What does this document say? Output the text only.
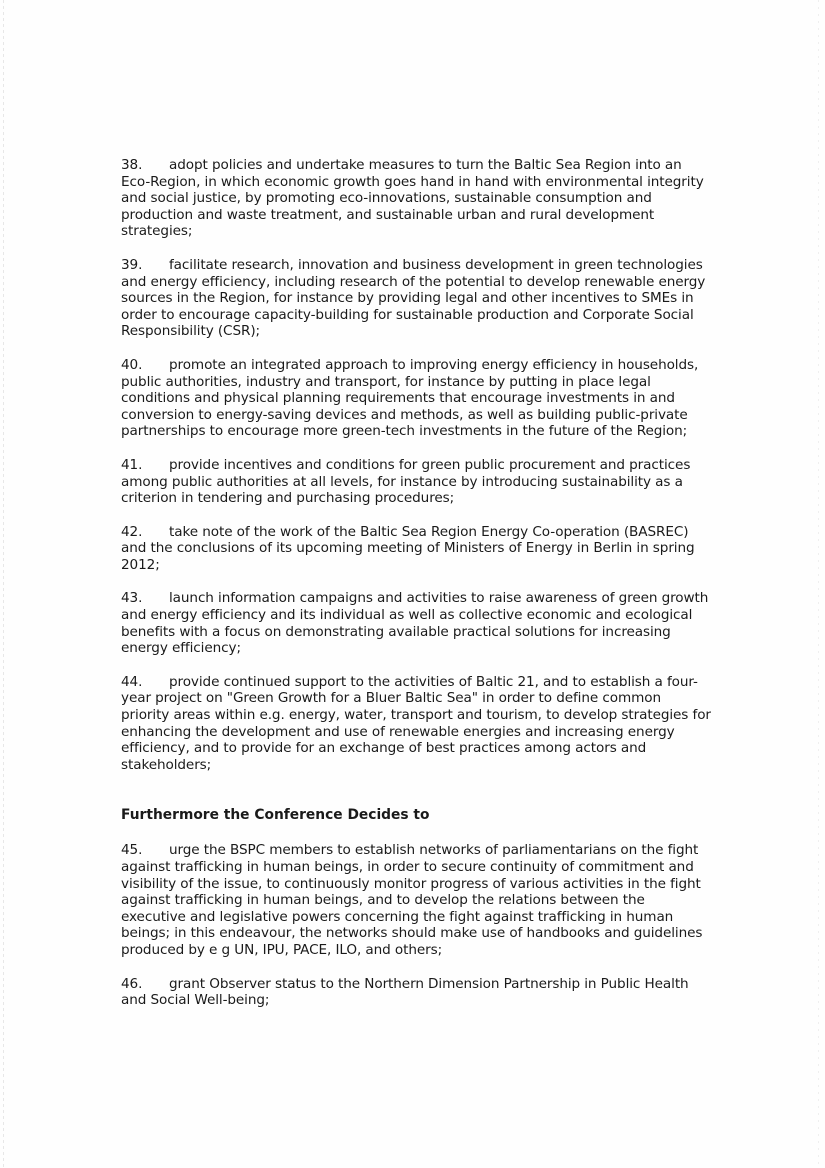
38. adopt policies and undertake measures to turn the Baltic Sea Region into an Eco-Region, in which economic growth goes hand in hand with environmental integrity and social justice, by promoting eco-innovations, sustainable consumption and production and waste treatment, and sustainable urban and rural development strategies;

39. facilitate research, innovation and business development in green technologies and energy efficiency, including research of the potential to develop renewable energy sources in the Region, for instance by providing legal and other incentives to SMEs in order to encourage capacity-building for sustainable production and Corporate Social Responsibility (CSR);

40. promote an integrated approach to improving energy efficiency in households, public authorities, industry and transport, for instance by putting in place legal conditions and physical planning requirements that encourage investments in and conversion to energy-saving devices and methods, as well as building public-private partnerships to encourage more green-tech investments in the future of the Region;

41. provide incentives and conditions for green public procurement and practices among public authorities at all levels, for instance by introducing sustainability as a criterion in tendering and purchasing procedures;

42. take note of the work of the Baltic Sea Region Energy Co-operation (BASREC) and the conclusions of its upcoming meeting of Ministers of Energy in Berlin in spring 2012;

43. launch information campaigns and activities to raise awareness of green growth and energy efficiency and its individual as well as collective economic and ecological benefits with a focus on demonstrating available practical solutions for increasing energy efficiency;

44. provide continued support to the activities of Baltic 21, and to establish a four-year project on "Green Growth for a Bluer Baltic Sea" in order to define common priority areas within e.g. energy, water, transport and tourism, to develop strategies for enhancing the development and use of renewable energies and increasing energy efficiency, and to provide for an exchange of best practices among actors and stakeholders;

Furthermore the Conference Decides to

45. urge the BSPC members to establish networks of parliamentarians on the fight against trafficking in human beings, in order to secure continuity of commitment and visibility of the issue, to continuously monitor progress of various activities in the fight against trafficking in human beings, and to develop the relations between the executive and legislative powers concerning the fight against trafficking in human beings; in this endeavour, the networks should make use of handbooks and guidelines produced by e g UN, IPU, PACE, ILO, and others;

46. grant Observer status to the Northern Dimension Partnership in Public Health and Social Well-being;
